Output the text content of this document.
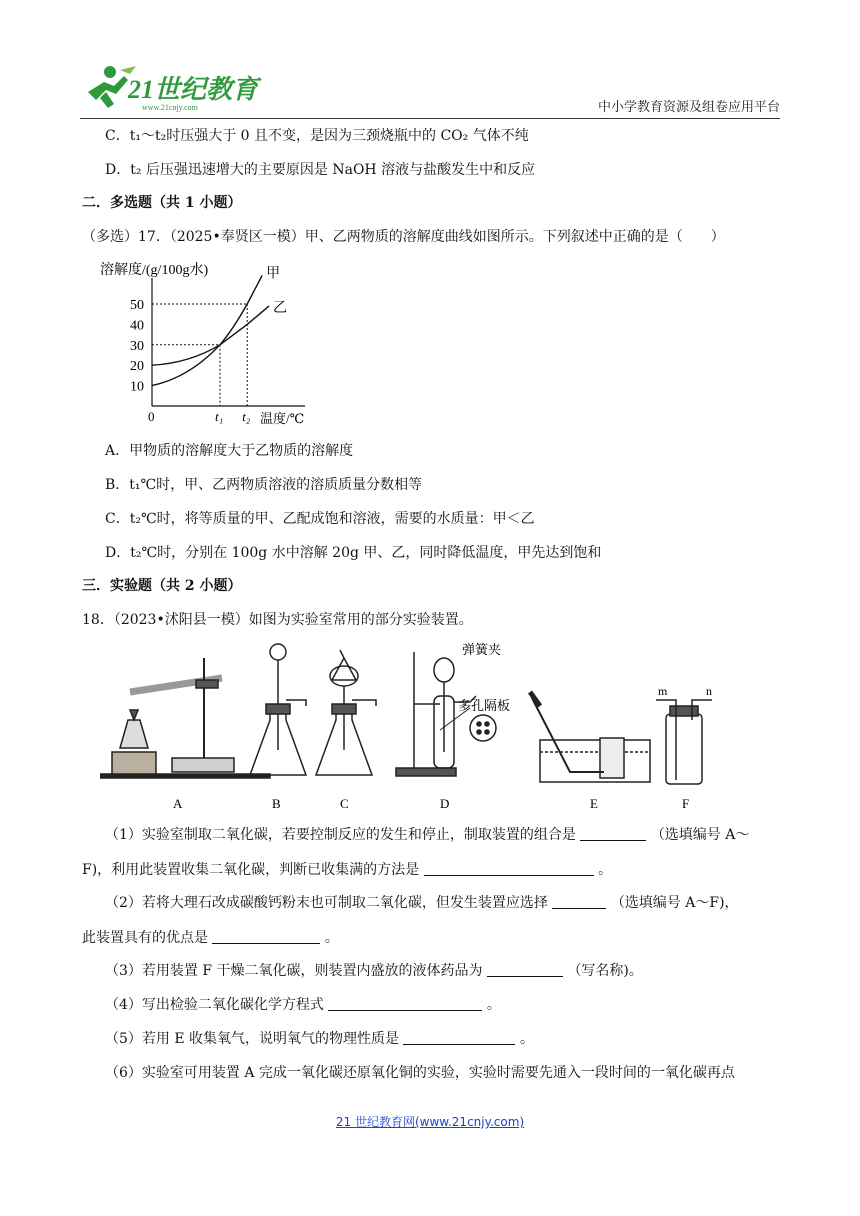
21世纪教育
www.21cnjy.com	中小学教育资源及组卷应用平台
C．t₁～t₂时压强大于 0 且不变，是因为三颈烧瓶中的 CO₂ 气体不纯
D．t₂ 后压强迅速增大的主要原因是 NaOH 溶液与盐酸发生中和反应
二．多选题（共 1 小题）
（多选）17．（2025•奉贤区一模）甲、乙两物质的溶解度曲线如图所示。下列叙述中正确的是（　　）
溶解度/(g/100g水)
10
20
30
40
50
0	t₁ t₂
甲
乙
温度/℃
A．甲物质的溶解度大于乙物质的溶解度
B．t₁℃时，甲、乙两物质溶液的溶质质量分数相等
C．t₂℃时，将等质量的甲、乙配成饱和溶液，需要的水质量：甲＜乙
D．t₂℃时，分别在 100g 水中溶解 20g 甲、乙，同时降低温度，甲先达到饱和
三．实验题（共 2 小题）
18．（2023•沭阳县一模）如图为实验室常用的部分实验装置。
A	B	C
弹簧夹
多孔隔板
D	E
m	n
F
（1）实验室制取二氧化碳，若要控制反应的发生和停止，制取装置的组合是	（选填编号 A～
F)，利用此装置收集二氧化碳，判断已收集满的方法是	。
（2）若将大理石改成碳酸钙粉末也可制取二氧化碳，但发生装置应选择	（选填编号 A～F)，
此装置具有的优点是	。
（3）若用装置 F 干燥二氧化碳，则装置内盛放的液体药品为	（写名称)。
（4）写出检验二氧化碳化学方程式	。
（5）若用 E 收集氧气，说明氧气的物理性质是	。
（6）实验室可用装置 A 完成一氧化碳还原氧化铜的实验，实验时需要先通入一段时间的一氧化碳再点
21 世纪教育网(www.21cnjy.com)
